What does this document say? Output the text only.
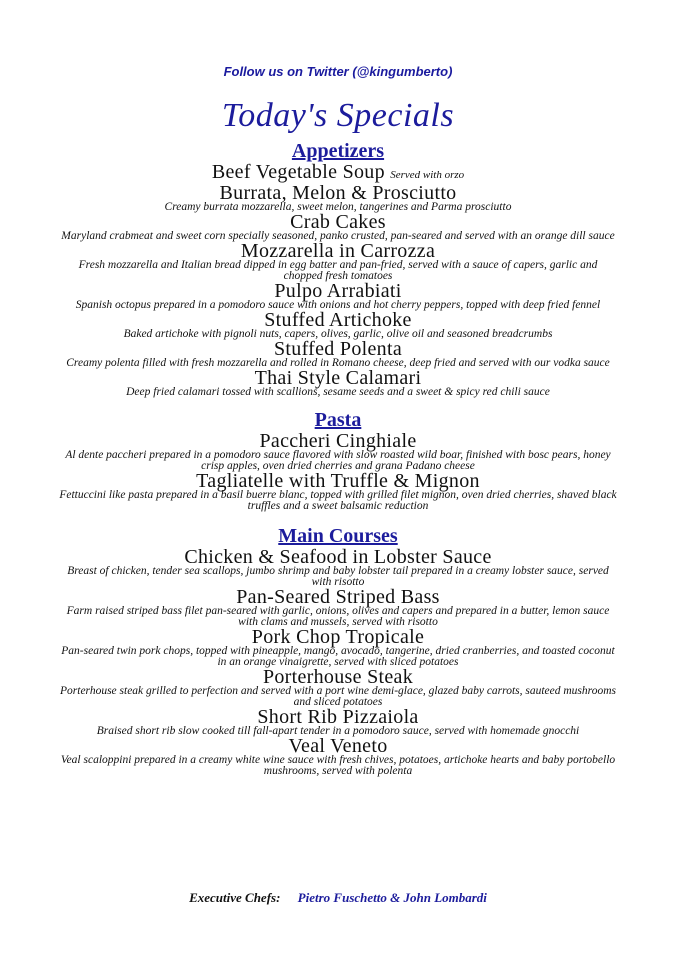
Follow us on Twitter (@kingumberto)
Today's Specials
Appetizers
Beef Vegetable Soup Served with orzo
Burrata, Melon & Prosciutto
Creamy burrata mozzarella, sweet melon, tangerines and Parma prosciutto
Crab Cakes
Maryland crabmeat and sweet corn specially seasoned, panko crusted, pan-seared and served with an orange dill sauce
Mozzarella in Carrozza
Fresh mozzarella and Italian bread dipped in egg batter and pan-fried, served with a sauce of capers, garlic and chopped fresh tomatoes
Pulpo Arrabiati
Spanish octopus prepared in a pomodoro sauce with onions and hot cherry peppers, topped with deep fried fennel
Stuffed Artichoke
Baked artichoke with pignoli nuts, capers, olives, garlic, olive oil and seasoned breadcrumbs
Stuffed Polenta
Creamy polenta filled with fresh mozzarella and rolled in Romano cheese, deep fried and served with our vodka sauce
Thai Style Calamari
Deep fried calamari tossed with scallions, sesame seeds and a sweet & spicy red chili sauce
Pasta
Paccheri Cinghiale
Al dente paccheri prepared in a pomodoro sauce flavored with slow roasted wild boar, finished with bosc pears, honey crisp apples, oven dried cherries and grana Padano cheese
Tagliatelle with Truffle & Mignon
Fettuccini like pasta prepared in a basil buerre blanc, topped with grilled filet mignon, oven dried cherries, shaved black truffles and a sweet balsamic reduction
Main Courses
Chicken & Seafood in Lobster Sauce
Breast of chicken, tender sea scallops, jumbo shrimp and baby lobster tail prepared in a creamy lobster sauce, served with risotto
Pan-Seared Striped Bass
Farm raised striped bass filet pan-seared with garlic, onions, olives and capers and prepared in a butter, lemon sauce with clams and mussels, served with risotto
Pork Chop Tropicale
Pan-seared twin pork chops, topped with pineapple, mango, avocado, tangerine, dried cranberries, and toasted coconut in an orange vinaigrette, served with sliced potatoes
Porterhouse Steak
Porterhouse steak grilled to perfection and served with a port wine demi-glace, glazed baby carrots, sauteed mushrooms and sliced potatoes
Short Rib Pizzaiola
Braised short rib slow cooked till fall-apart tender in a pomodoro sauce, served with homemade gnocchi
Veal Veneto
Veal scaloppini prepared in a creamy white wine sauce with fresh chives, potatoes, artichoke hearts and baby portobello mushrooms, served with polenta
Executive Chefs: Pietro Fuschetto & John Lombardi
